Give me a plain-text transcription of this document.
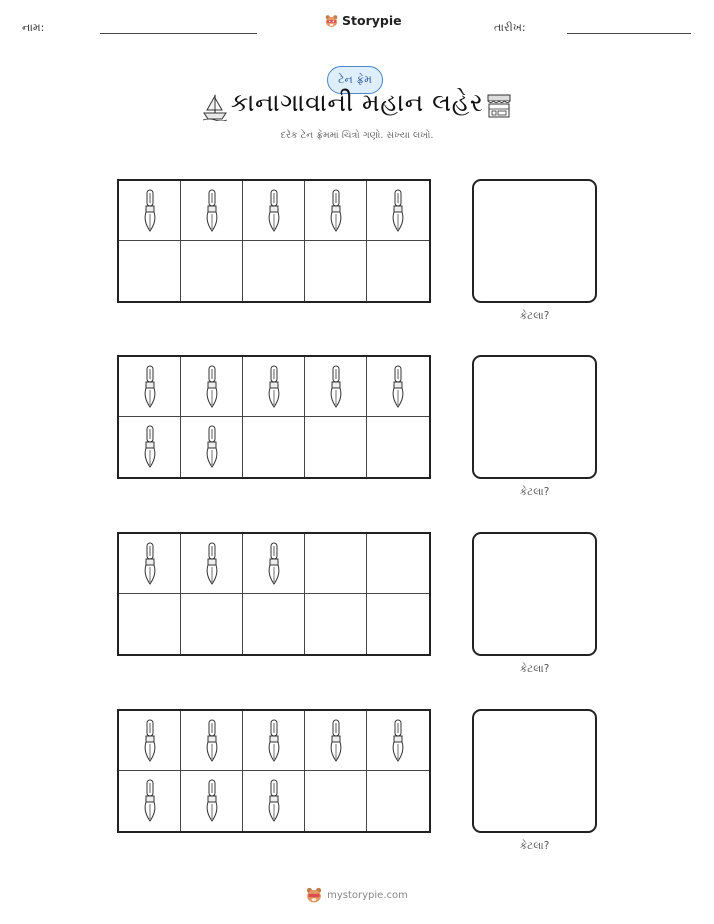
નામ:	Storypie	તારીખ:
ટેન ફ્રેમ
કાનાગાવાની મહાન લહેર
દરેક ટેન ફ્રેમમાં ચિત્રો ગણો. સંખ્યા લખો.
કેટલા?
કેટલા?
કેટલા?
કેટલા?
mystorypie.com
